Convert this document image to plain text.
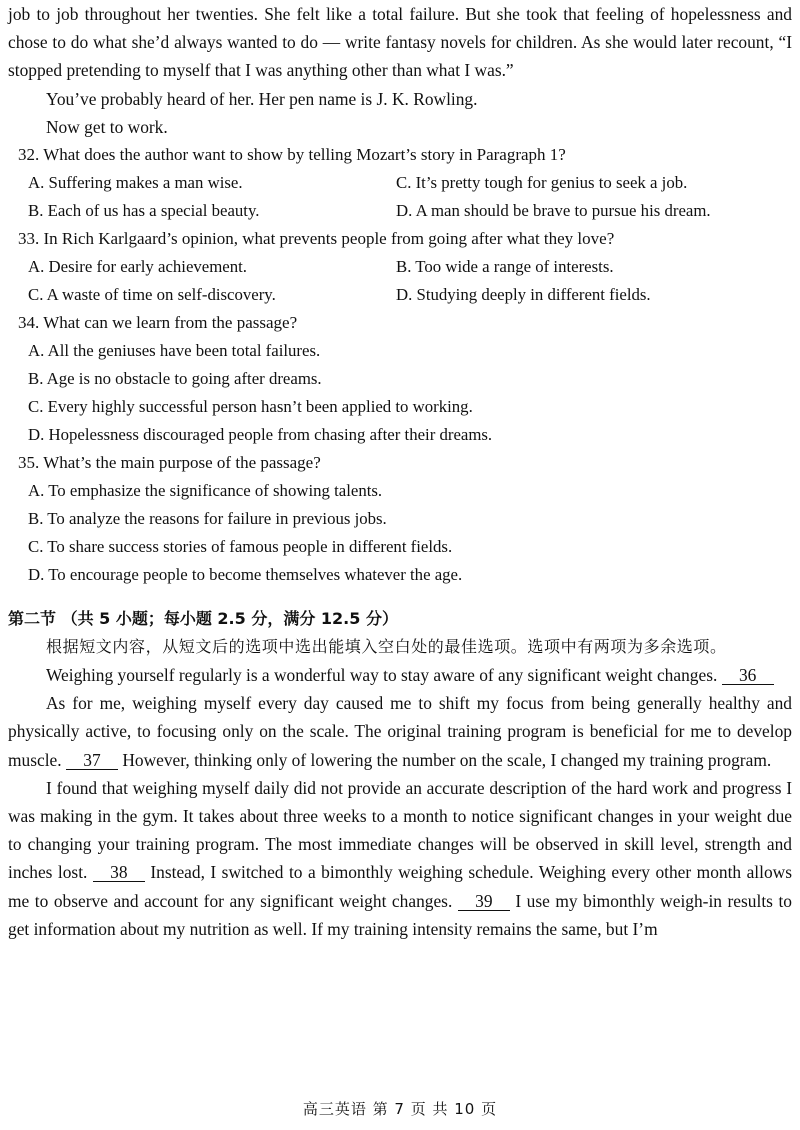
job to job throughout her twenties. She felt like a total failure. But she took that feeling of hopelessness and chose to do what she’d always wanted to do — write fantasy novels for children. As she would later recount, “I stopped pretending to myself that I was anything other than what I was.”

You’ve probably heard of her. Her pen name is J. K. Rowling.

Now get to work.

32. What does the author want to show by telling Mozart’s story in Paragraph 1?

A. Suffering makes a man wise.	C. It’s pretty tough for genius to seek a job.
B. Each of us has a special beauty.	D. A man should be brave to pursue his dream.

33. In Rich Karlgaard’s opinion, what prevents people from going after what they love?

A. Desire for early achievement.	B. Too wide a range of interests.
C. A waste of time on self-discovery.	D. Studying deeply in different fields.

34. What can we learn from the passage?

A. All the geniuses have been total failures.

B. Age is no obstacle to going after dreams.

C. Every highly successful person hasn’t been applied to working.

D. Hopelessness discouraged people from chasing after their dreams.

35. What’s the main purpose of the passage?

A. To emphasize the significance of showing talents.

B. To analyze the reasons for failure in previous jobs.

C. To share success stories of famous people in different fields.

D. To encourage people to become themselves whatever the age.

第二节 （共 5 小题；每小题 2.5 分，满分 12.5 分）

根据短文内容，从短文后的选项中选出能填入空白处的最佳选项。选项中有两项为多余选项。

Weighing yourself regularly is a wonderful way to stay aware of any significant weight changes. 36

As for me, weighing myself every day caused me to shift my focus from being generally healthy and physically active, to focusing only on the scale. The original training program is beneficial for me to develop muscle. 37 However, thinking only of lowering the number on the scale, I changed my training program.

I found that weighing myself daily did not provide an accurate description of the hard work and progress I was making in the gym. It takes about three weeks to a month to notice significant changes in your weight due to changing your training program. The most immediate changes will be observed in skill level, strength and inches lost. 38 Instead, I switched to a bimonthly weighing schedule. Weighing every other month allows me to observe and account for any significant weight changes. 39 I use my bimonthly weigh-in results to get information about my nutrition as well. If my training intensity remains the same, but I’m

高三英语 第 7 页 共 10 页
